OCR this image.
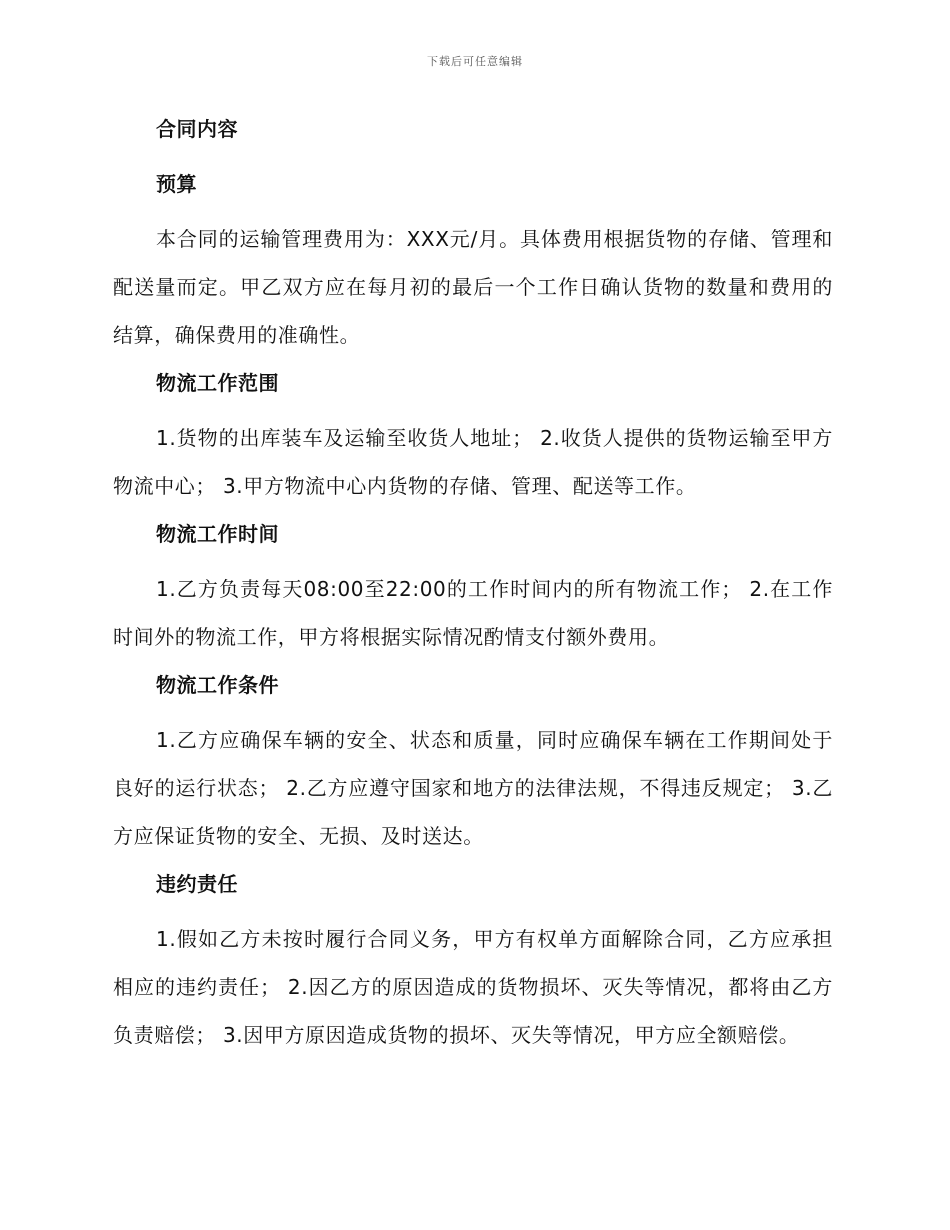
下载后可任意编辑
合同内容
预算

本合同的运输管理费用为：XXX元/月。具体费用根据货物的存储、管理和配送量而定。甲乙双方应在每月初的最后一个工作日确认货物的数量和费用的结算，确保费用的准确性。

物流工作范围

1.货物的出库装车及运输至收货人地址； 2.收货人提供的货物运输至甲方物流中心； 3.甲方物流中心内货物的存储、管理、配送等工作。

物流工作时间

1.乙方负责每天08:00至22:00的工作时间内的所有物流工作； 2.在工作时间外的物流工作，甲方将根据实际情况酌情支付额外费用。

物流工作条件

1.乙方应确保车辆的安全、状态和质量，同时应确保车辆在工作期间处于良好的运行状态； 2.乙方应遵守国家和地方的法律法规，不得违反规定； 3.乙方应保证货物的安全、无损、及时送达。

违约责任

1.假如乙方未按时履行合同义务，甲方有权单方面解除合同，乙方应承担相应的违约责任； 2.因乙方的原因造成的货物损坏、灭失等情况，都将由乙方负责赔偿； 3.因甲方原因造成货物的损坏、灭失等情况，甲方应全额赔偿。
